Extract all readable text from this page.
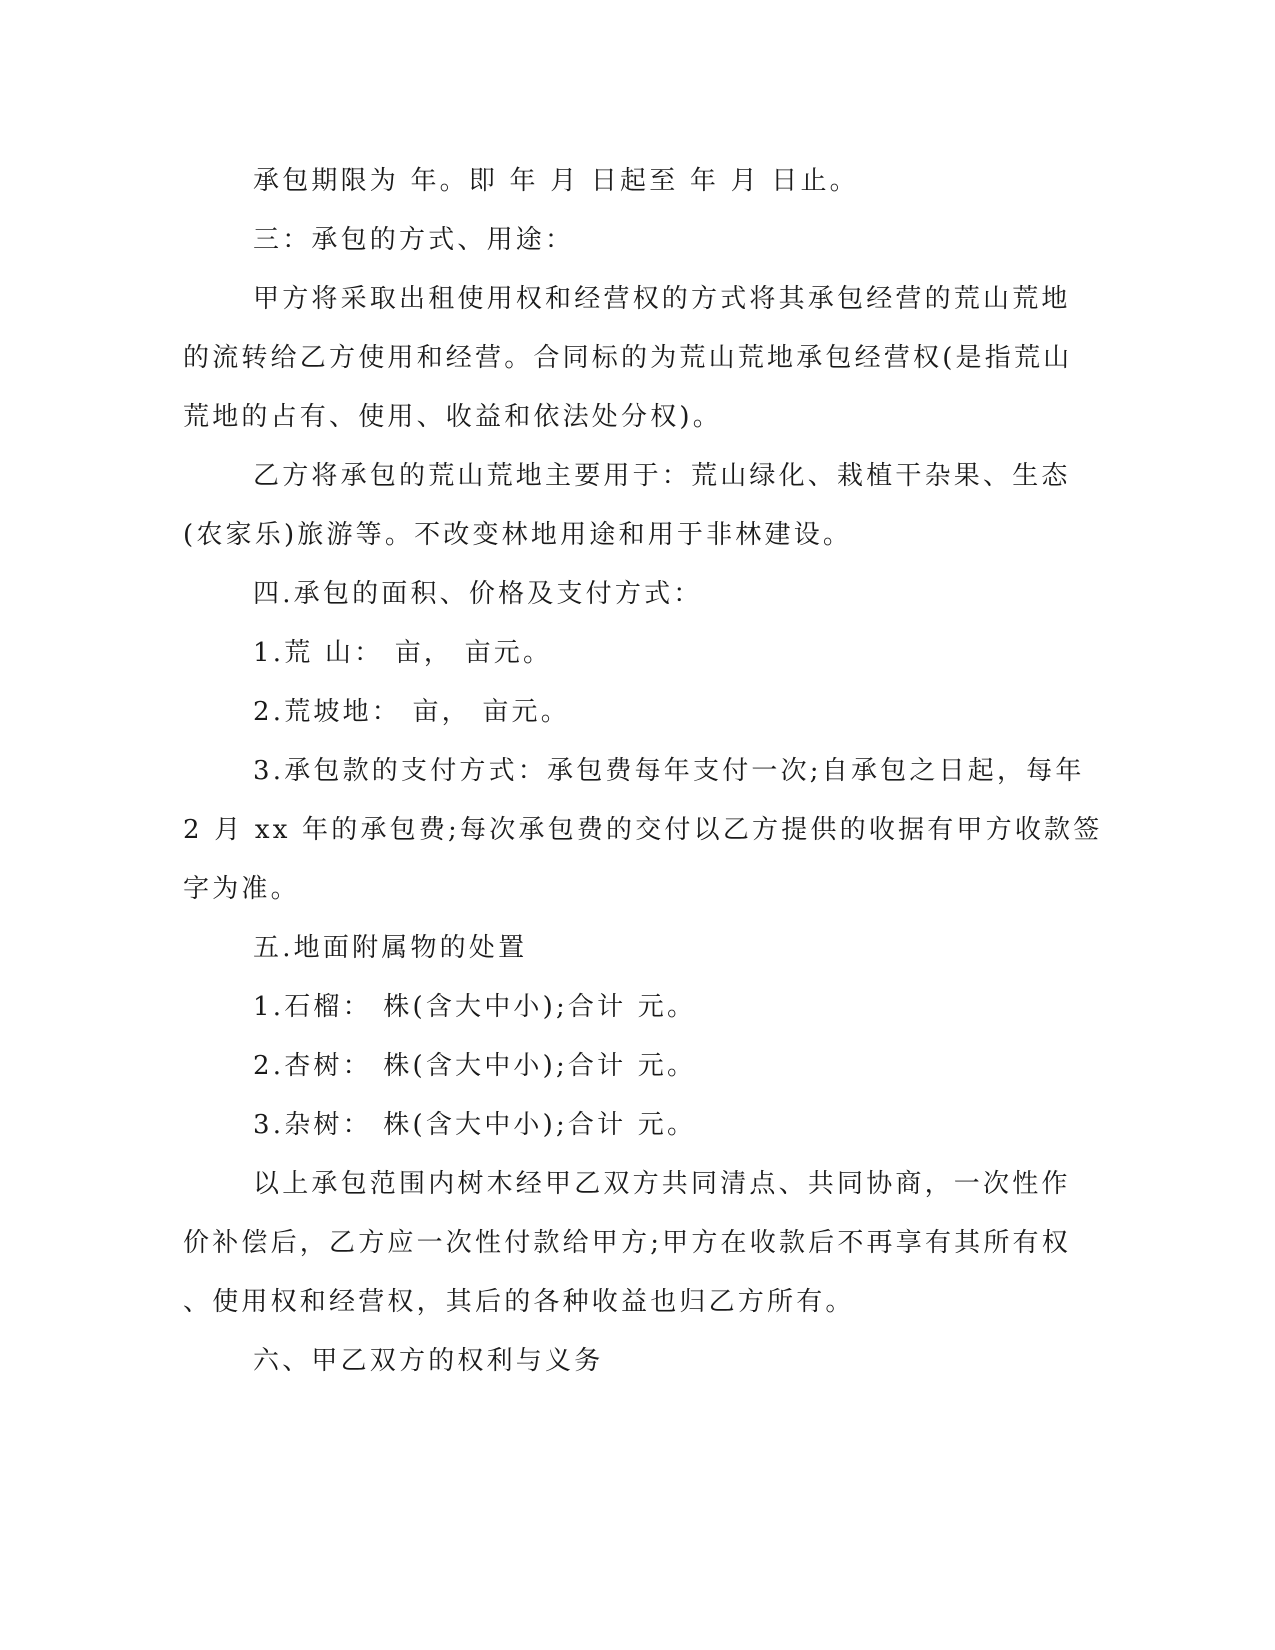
承包期限为 年。即 年 月 日起至 年 月 日止。

三：承包的方式、用途：

甲方将采取出租使用权和经营权的方式将其承包经营的荒山荒地

的流转给乙方使用和经营。合同标的为荒山荒地承包经营权(是指荒山

荒地的占有、使用、收益和依法处分权)。

乙方将承包的荒山荒地主要用于：荒山绿化、栽植干杂果、生态

(农家乐)旅游等。不改变林地用途和用于非林建设。

四.承包的面积、价格及支付方式：

1.荒 山： 亩， 亩元。

2.荒坡地： 亩， 亩元。

3.承包款的支付方式：承包费每年支付一次;自承包之日起，每年

2 月 xx 年的承包费;每次承包费的交付以乙方提供的收据有甲方收款签

字为准。

五.地面附属物的处置

1.石榴： 株(含大中小);合计 元。

2.杏树： 株(含大中小);合计 元。

3.杂树： 株(含大中小);合计 元。

以上承包范围内树木经甲乙双方共同清点、共同协商，一次性作

价补偿后，乙方应一次性付款给甲方;甲方在收款后不再享有其所有权

、使用权和经营权，其后的各种收益也归乙方所有。

六、甲乙双方的权利与义务
